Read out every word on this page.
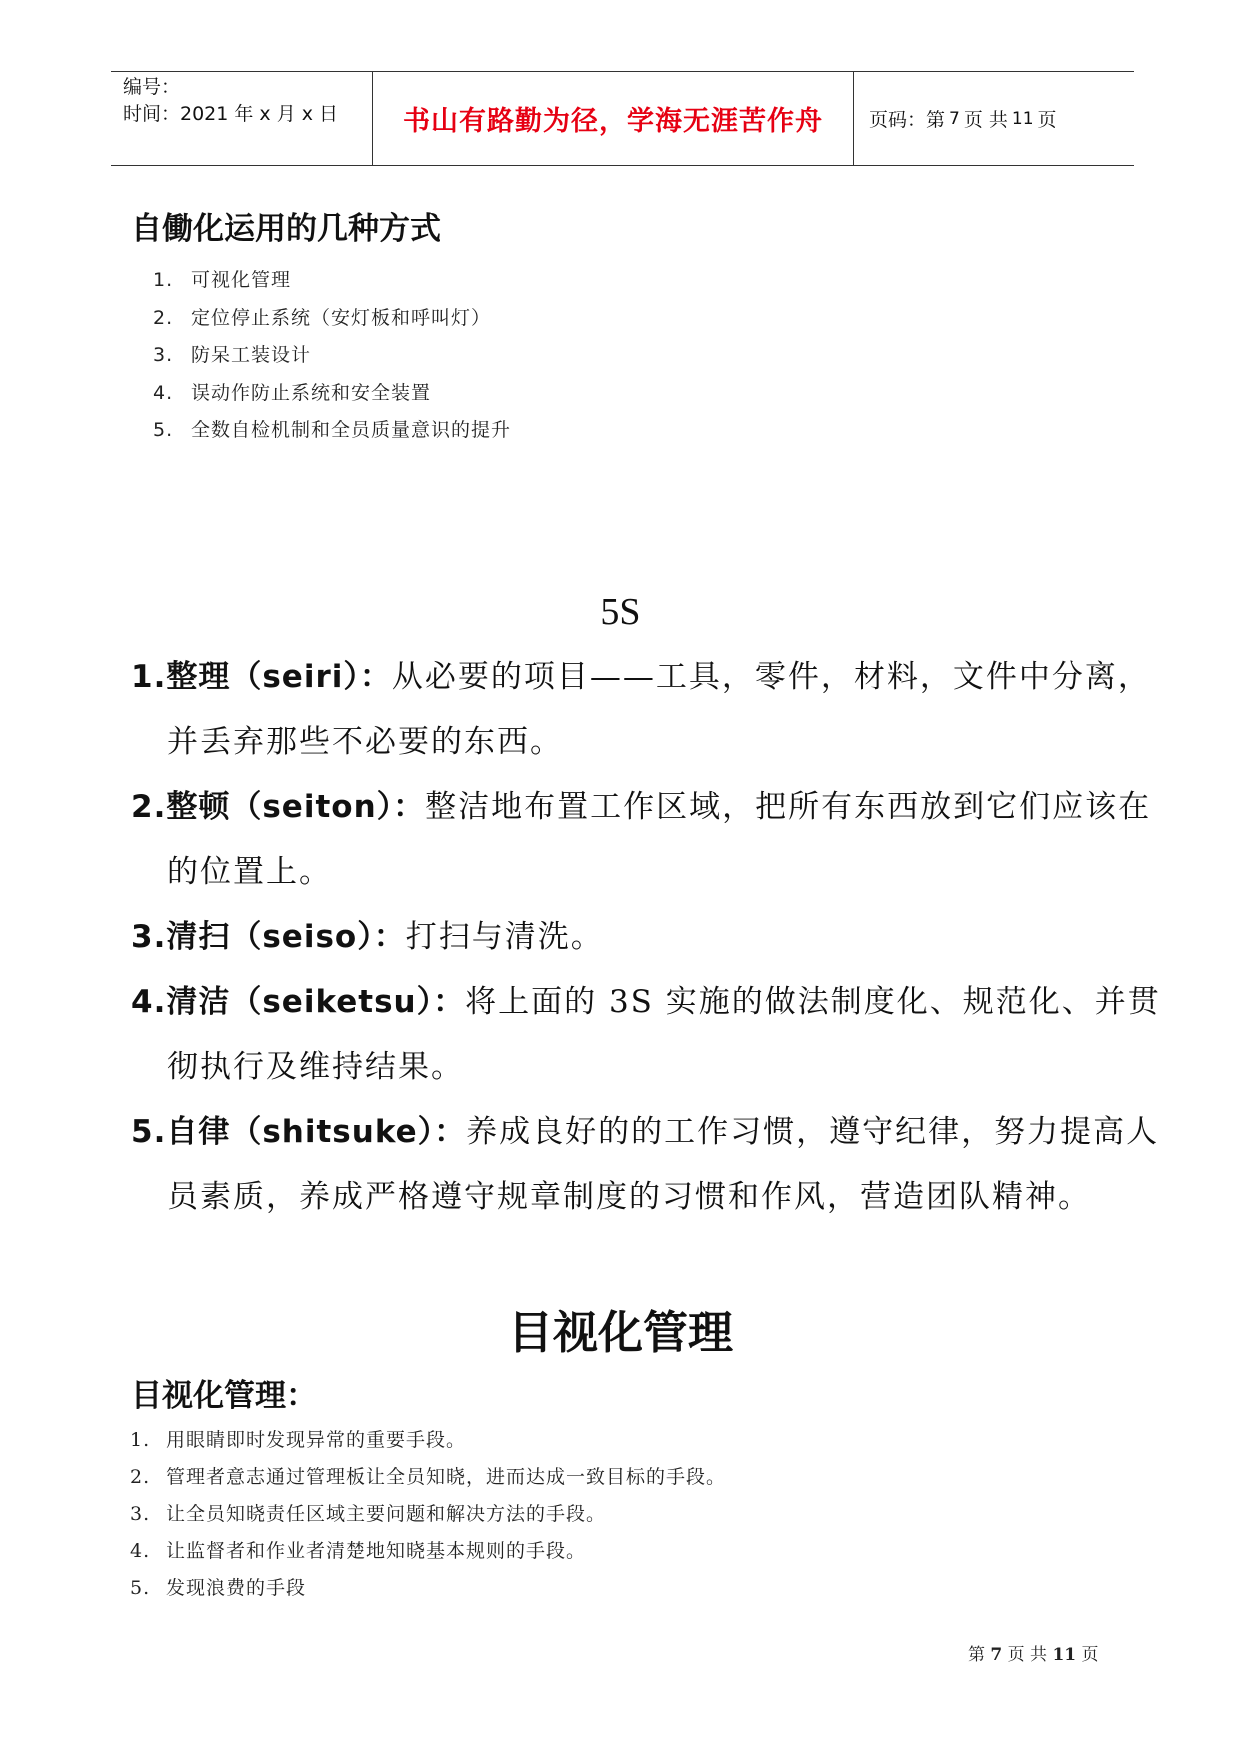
编号：
时间：2021 年 x 月 x 日	书山有路勤为径，学海无涯苦作舟	页码：第 7 页 共 11 页
自働化运用的几种方式
1. 可视化管理
2. 定位停止系统（安灯板和呼叫灯）
3. 防呆工装设计
4. 误动作防止系统和安全装置
5. 全数自检机制和全员质量意识的提升
5S
1.整理（seiri）：从必要的项目——工具，零件，材料，文件中分离，并丢弃那些不必要的东西。
2.整顿（seiton）：整洁地布置工作区域，把所有东西放到它们应该在的位置上。
3.清扫（seiso）：打扫与清洗。
4.清洁（seiketsu）：将上面的 3S 实施的做法制度化、规范化、并贯彻执行及维持结果。
5.自律（shitsuke）：养成良好的的工作习惯，遵守纪律，努力提高人员素质，养成严格遵守规章制度的习惯和作风，营造团队精神。
目视化管理
目视化管理：
1. 用眼睛即时发现异常的重要手段。
2. 管理者意志通过管理板让全员知晓，进而达成一致目标的手段。
3. 让全员知晓责任区域主要问题和解决方法的手段。
4. 让监督者和作业者清楚地知晓基本规则的手段。
5. 发现浪费的手段
第 7 页 共 11 页
